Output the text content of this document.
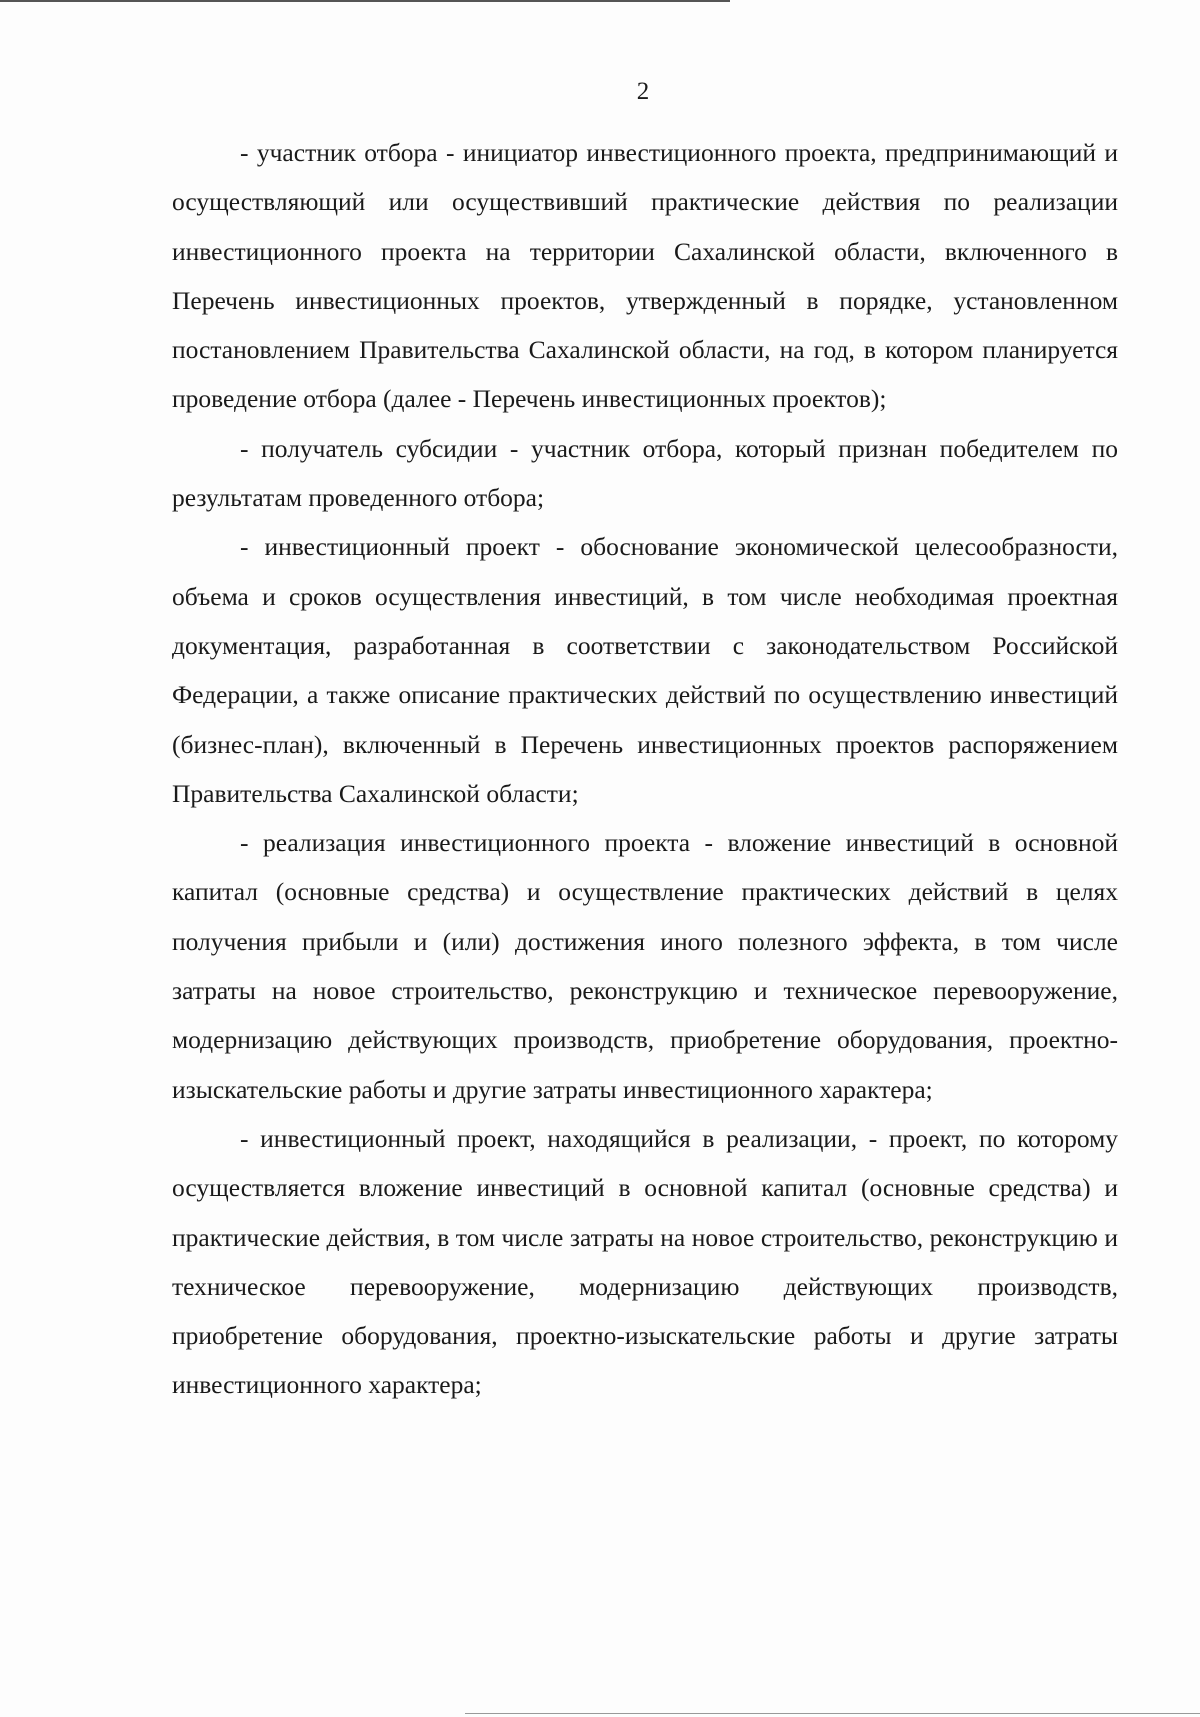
2

- участник отбора - инициатор инвестиционного проекта, предпринимающий и осуществляющий или осуществивший практические действия по реализации инвестиционного проекта на территории Сахалинской области, включенного в Перечень инвестиционных проектов, утвержденный в порядке, установленном постановлением Правительства Сахалинской области, на год, в котором планируется проведение отбора (далее - Перечень инвестиционных проектов);

- получатель субсидии - участник отбора, который признан победителем по результатам проведенного отбора;

- инвестиционный проект - обоснование экономической целесообразности, объема и сроков осуществления инвестиций, в том числе необходимая проектная документация, разработанная в соответствии с законодательством Российской Федерации, а также описание практических действий по осуществлению инвестиций (бизнес-план), включенный в Перечень инвестиционных проектов распоряжением Правительства Сахалинской области;

- реализация инвестиционного проекта - вложение инвестиций в основной капитал (основные средства) и осуществление практических действий в целях получения прибыли и (или) достижения иного полезного эффекта, в том числе затраты на новое строительство, реконструкцию и техническое перевооружение, модернизацию действующих производств, приобретение оборудования, проектно-изыскательские работы и другие затраты инвестиционного характера;

- инвестиционный проект, находящийся в реализации, - проект, по которому осуществляется вложение инвестиций в основной капитал (основные средства) и практические действия, в том числе затраты на новое строительство, реконструкцию и техническое перевооружение, модернизацию действующих производств, приобретение оборудования, проектно-изыскательские работы и другие затраты инвестиционного характера;
